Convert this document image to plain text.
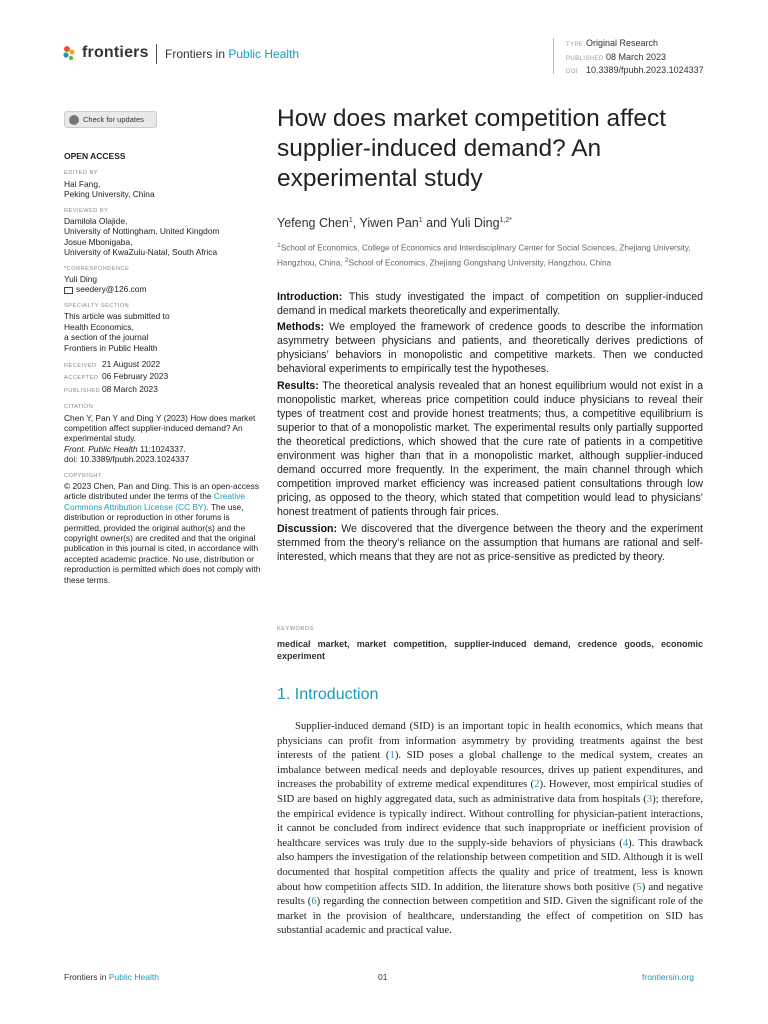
frontiers Frontiers in Public Health
TYPE Original Research
PUBLISHED 08 March 2023
DOI 10.3389/fpubh.2023.1024337
Check for updates
OPEN ACCESS
EDITED BY

Hai Fang,

Peking University, China

REVIEWED BY

Damilola Olajide,

University of Nottingham, United Kingdom

Josue Mbonigaba,

University of KwaZulu-Natal, South Africa

*CORRESPONDENCE

Yuli Ding

seedery@126.com

SPECIALTY SECTION

This article was submitted to

Health Economics,

a section of the journal

Frontiers in Public Health

RECEIVED 21 August 2022

ACCEPTED 06 February 2023

PUBLISHED 08 March 2023

CITATION

Chen Y, Pan Y and Ding Y (2023) How does market competition affect supplier-induced demand? An experimental study.

Front. Public Health 11:1024337.

doi: 10.3389/fpubh.2023.1024337

COPYRIGHT

© 2023 Chen, Pan and Ding. This is an open-access article distributed under the terms of the Creative Commons Attribution License (CC BY). The use, distribution or reproduction in other forums is permitted, provided the original author(s) and the copyright owner(s) are credited and that the original publication in this journal is cited, in accordance with accepted academic practice. No use, distribution or reproduction is permitted which does not comply with these terms.

How does market competition affect supplier-induced demand? An experimental study
Yefeng Chen$^1$, Yiwen Pan$^1$ and Yuli Ding$^{1,2*}$
$^1$School of Economics, College of Economics and Interdisciplinary Center for Social Sciences, Zhejiang University, Hangzhou, China, $^2$School of Economics, Zhejiang Gongshang University, Hangzhou, China

Introduction: This study investigated the impact of competition on supplier-induced demand in medical markets theoretically and experimentally.

Methods: We employed the framework of credence goods to describe the information asymmetry between physicians and patients, and theoretically derives predictions of physicians’ behaviors in monopolistic and competitive markets. Then we conducted behavioral experiments to empirically test the hypotheses.

Results: The theoretical analysis revealed that an honest equilibrium would not exist in a monopolistic market, whereas price competition could induce physicians to reveal their types of treatment cost and provide honest treatments; thus, a competitive equilibrium is superior to that of a monopolistic market. The experimental results only partially supported the theoretical predictions, which showed that the cure rate of patients in a competitive environment was higher than that in a monopolistic market, although supplier-induced demand occurred more frequently. In the experiment, the main channel through which competition improved market efficiency was increased patient consultations through low pricing, as opposed to the theory, which stated that competition would lead to physicians’ honest treatment of patients through fair prices.

Discussion: We discovered that the divergence between the theory and the experiment stemmed from the theory’s reliance on the assumption that humans are rational and self-interested, which means that they are not as price-sensitive as predicted by theory.

KEYWORDS
medical market, market competition, supplier-induced demand, credence goods, economic experiment
1. Introduction
Supplier-induced demand (SID) is an important topic in health economics, which means that physicians can profit from information asymmetry by providing treatments against the best interests of the patient (1). SID poses a global challenge to the medical system, creates an imbalance between medical needs and deployable resources, drives up patient expenditures, and increases the probability of extreme medical expenditures (2). However, most empirical studies of SID are based on highly aggregated data, such as administrative data from hospitals (3); therefore, the empirical evidence is typically indirect. Without controlling for physician-patient interactions, it cannot be concluded from indirect evidence that such inappropriate or inefficient provision of healthcare services was truly due to the supply-side behaviors of physicians (4). This drawback also hampers the investigation of the relationship between competition and SID. Although it is well documented that hospital competition affects the quality and price of treatment, less is known about how competition affects SID. In addition, the literature shows both positive (5) and negative results (6) regarding the connection between competition and SID. Given the significant role of the market in the provision of healthcare, understanding the effect of competition on SID has substantial academic and practical value.
Frontiers in Public Health	01	frontiersin.org
